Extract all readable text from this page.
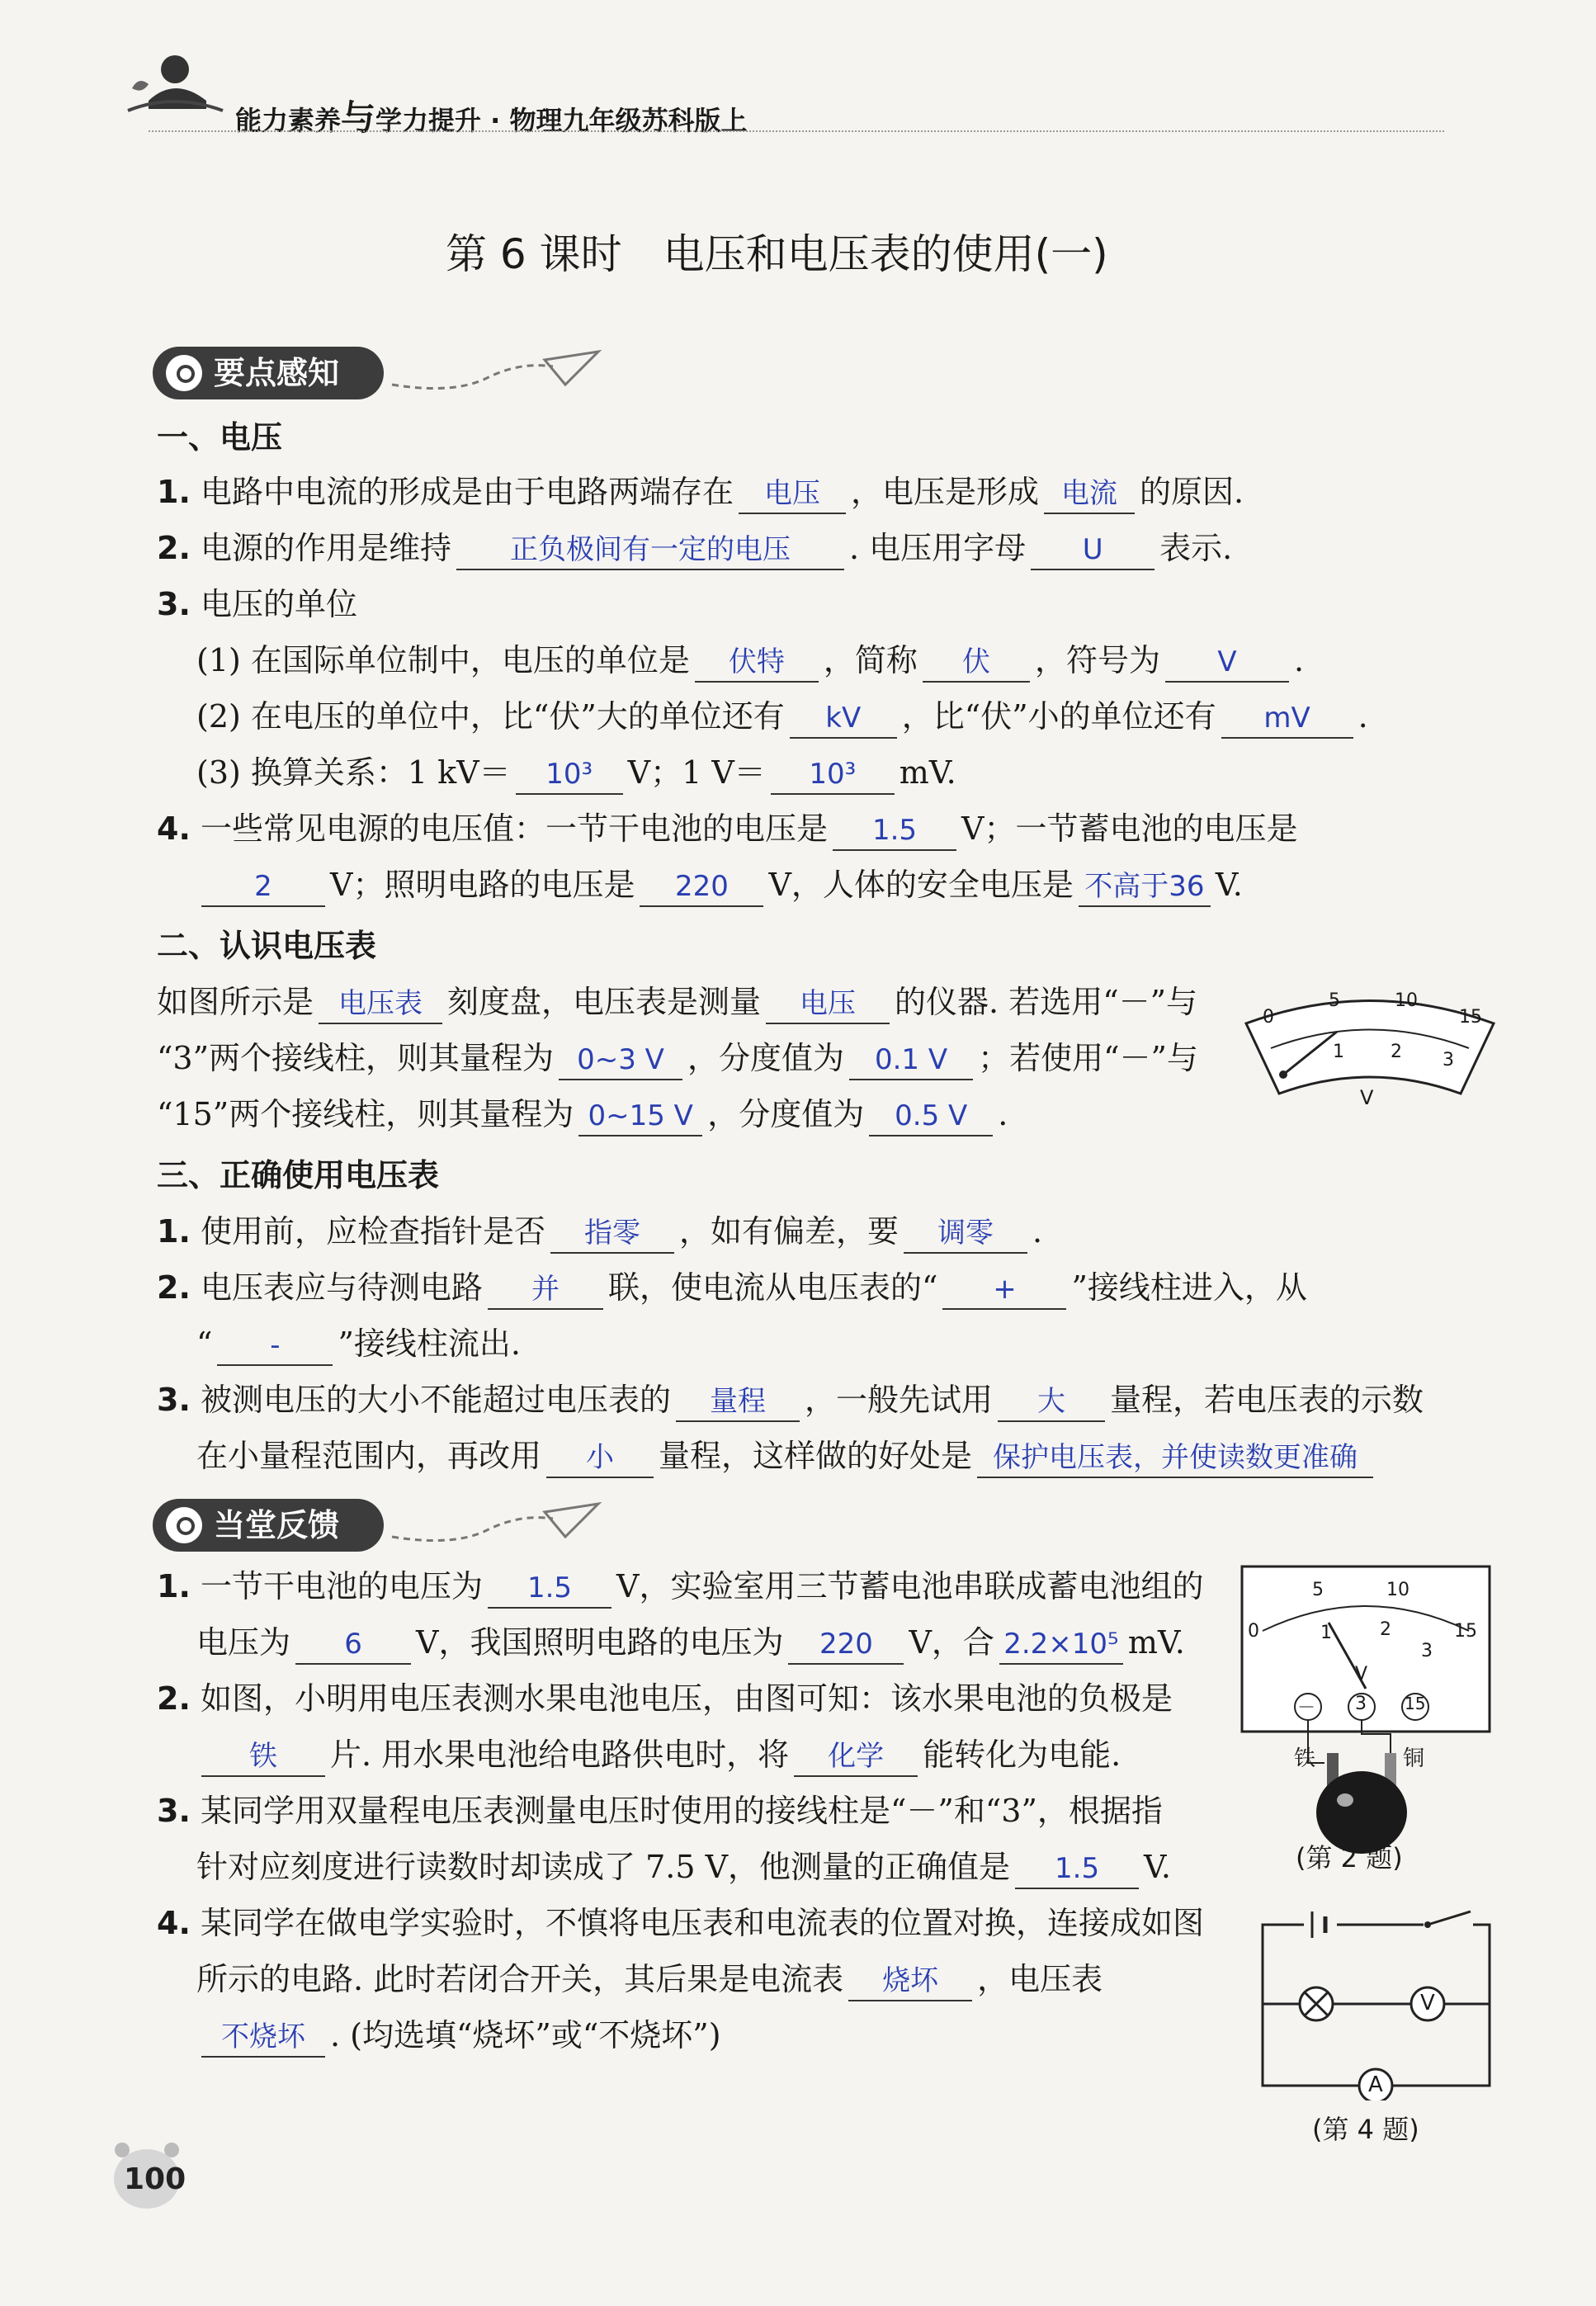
能力素养与学力提升 · 物理九年级苏科版上
第 6 课时　电压和电压表的使用(一)
要点感知
一、电压
1. 电路中电流的形成是由于电路两端存在 电压 ，电压是形成 电流 的原因.
2. 电源的作用是维持 正负极间有一定的电压 . 电压用字母 U 表示.
3. 电压的单位
(1) 在国际单位制中，电压的单位是 伏特 ，简称 伏 ，符号为 V .
(2) 在电压的单位中，比“伏”大的单位还有 kV ，比“伏”小的单位还有 mV .
(3) 换算关系：1 kV＝ 10³ V；1 V＝ 10³ mV.
4. 一些常见电源的电压值：一节干电池的电压是 1.5 V；一节蓄电池的电压是
2 V；照明电路的电压是 220 V，人体的安全电压是 不高于36 V.
二、认识电压表
如图所示是 电压表 刻度盘，电压表是测量 电压 的仪器. 若选用“－”与
“3”两个接线柱，则其量程为 0~3 V ，分度值为 0.1 V ；若使用“－”与
“15”两个接线柱，则其量程为 0~15 V ，分度值为 0.5 V .
0
5	10
15
1	2 3
V
三、正确使用电压表
1. 使用前，应检查指针是否 指零 ，如有偏差，要 调零 .
2. 电压表应与待测电路 并 联，使电流从电压表的“ + ”接线柱进入，从
“ - ”接线柱流出.
3. 被测电压的大小不能超过电压表的 量程 ，一般先试用 大 量程，若电压表的示数
在小量程范围内，再改用 小 量程，这样做的好处是 保护电压表，并使读数更准确
当堂反馈
1. 一节干电池的电压为 1.5 V，实验室用三节蓄电池串联成蓄电池组的
电压为 6 V，我国照明电路的电压为 220 V，合 2.2×10⁵ mV.
2. 如图，小明用电压表测水果电池电压，由图可知：该水果电池的负极是
铁 片. 用水果电池给电路供电时，将 化学 能转化为电能.
3. 某同学用双量程电压表测量电压时使用的接线柱是“－”和“3”，根据指
针对应刻度进行读数时却读成了 7.5 V，他测量的正确值是 1.5 V.
4. 某同学在做电学实验时，不慎将电压表和电流表的位置对换，连接成如图
所示的电路. 此时若闭合开关，其后果是电流表 烧坏 ，电压表
不烧坏 . (均选填“烧坏”或“不烧坏”)
0
5	10
15
1	2
3
V
－ 3 15
铁	铜
(第 2 题)
V
A
(第 4 题)
100
